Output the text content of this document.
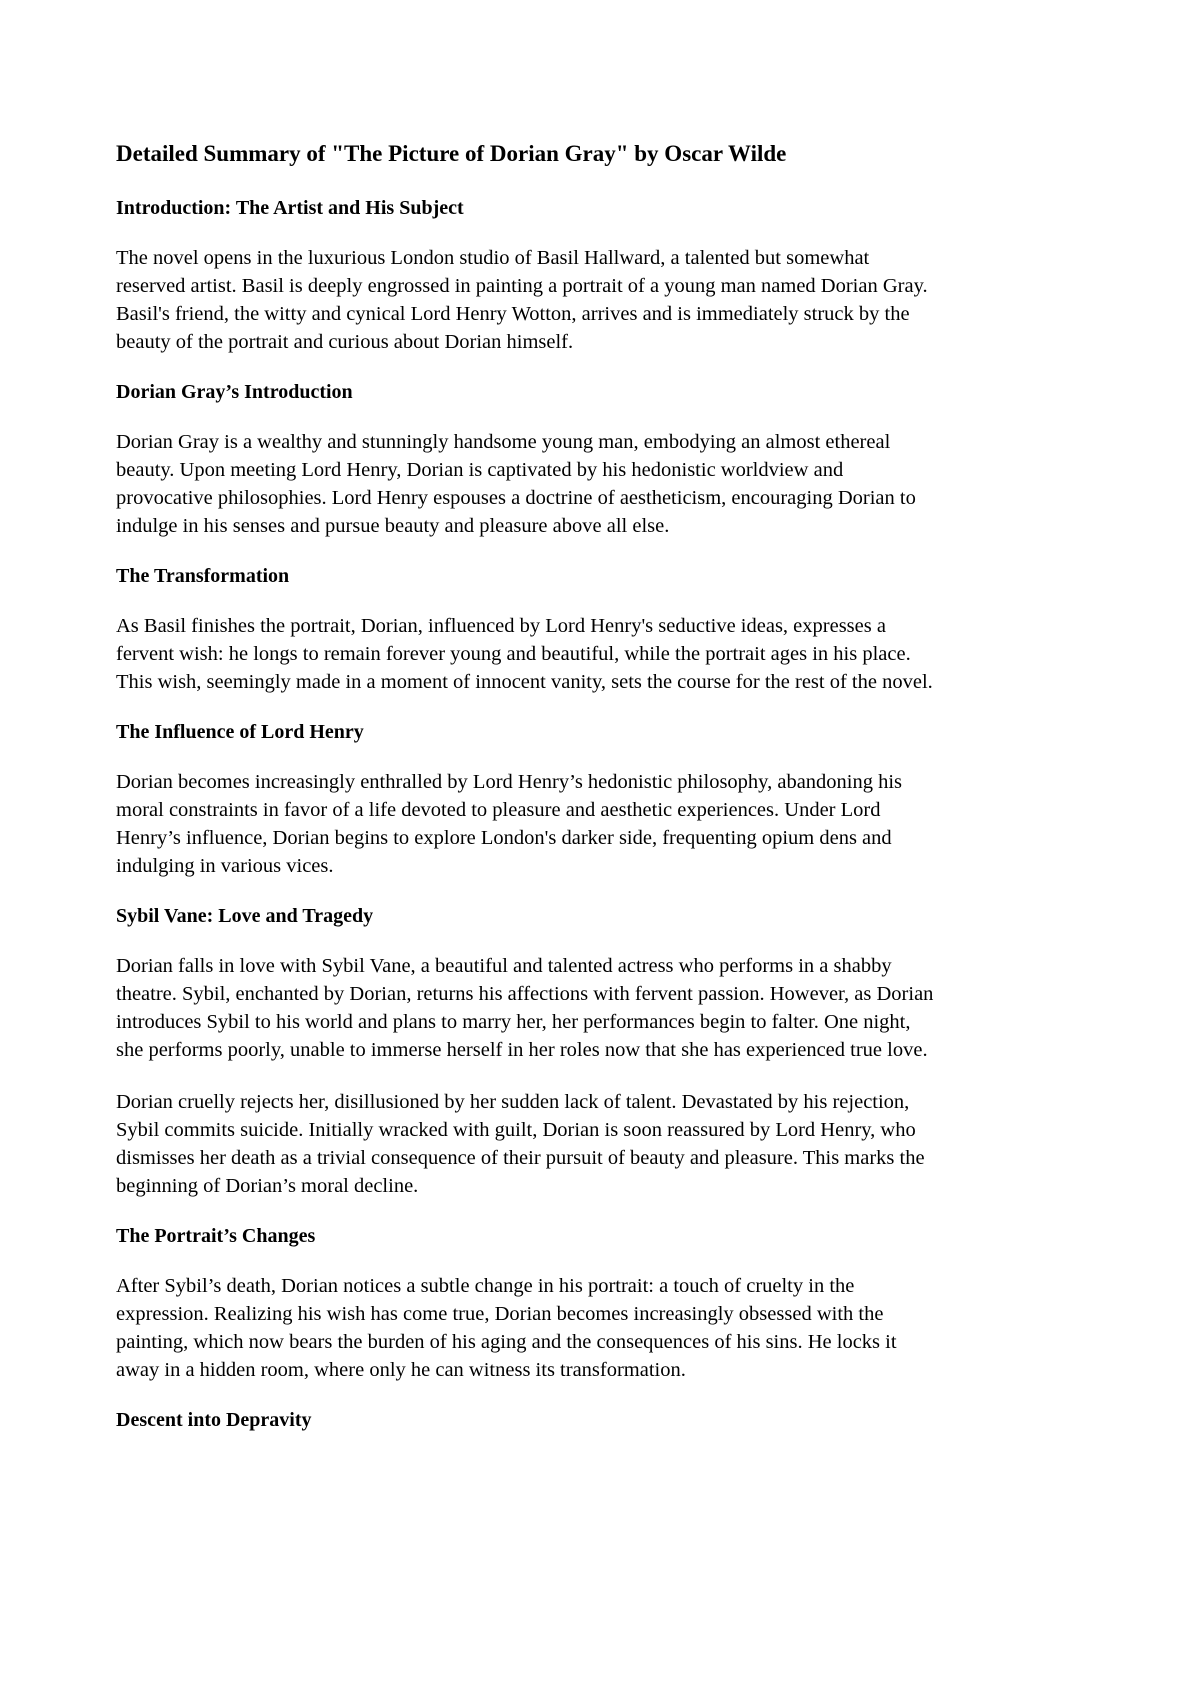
Detailed Summary of "The Picture of Dorian Gray" by Oscar Wilde
Introduction: The Artist and His Subject

The novel opens in the luxurious London studio of Basil Hallward, a talented but somewhat
reserved artist. Basil is deeply engrossed in painting a portrait of a young man named Dorian Gray.
Basil's friend, the witty and cynical Lord Henry Wotton, arrives and is immediately struck by the
beauty of the portrait and curious about Dorian himself.

Dorian Gray’s Introduction

Dorian Gray is a wealthy and stunningly handsome young man, embodying an almost ethereal
beauty. Upon meeting Lord Henry, Dorian is captivated by his hedonistic worldview and
provocative philosophies. Lord Henry espouses a doctrine of aestheticism, encouraging Dorian to
indulge in his senses and pursue beauty and pleasure above all else.

The Transformation

As Basil finishes the portrait, Dorian, influenced by Lord Henry's seductive ideas, expresses a
fervent wish: he longs to remain forever young and beautiful, while the portrait ages in his place.
This wish, seemingly made in a moment of innocent vanity, sets the course for the rest of the novel.

The Influence of Lord Henry

Dorian becomes increasingly enthralled by Lord Henry’s hedonistic philosophy, abandoning his
moral constraints in favor of a life devoted to pleasure and aesthetic experiences. Under Lord
Henry’s influence, Dorian begins to explore London's darker side, frequenting opium dens and
indulging in various vices.

Sybil Vane: Love and Tragedy

Dorian falls in love with Sybil Vane, a beautiful and talented actress who performs in a shabby
theatre. Sybil, enchanted by Dorian, returns his affections with fervent passion. However, as Dorian
introduces Sybil to his world and plans to marry her, her performances begin to falter. One night,
she performs poorly, unable to immerse herself in her roles now that she has experienced true love.

Dorian cruelly rejects her, disillusioned by her sudden lack of talent. Devastated by his rejection,
Sybil commits suicide. Initially wracked with guilt, Dorian is soon reassured by Lord Henry, who
dismisses her death as a trivial consequence of their pursuit of beauty and pleasure. This marks the
beginning of Dorian’s moral decline.

The Portrait’s Changes

After Sybil’s death, Dorian notices a subtle change in his portrait: a touch of cruelty in the
expression. Realizing his wish has come true, Dorian becomes increasingly obsessed with the
painting, which now bears the burden of his aging and the consequences of his sins. He locks it
away in a hidden room, where only he can witness its transformation.

Descent into Depravity
